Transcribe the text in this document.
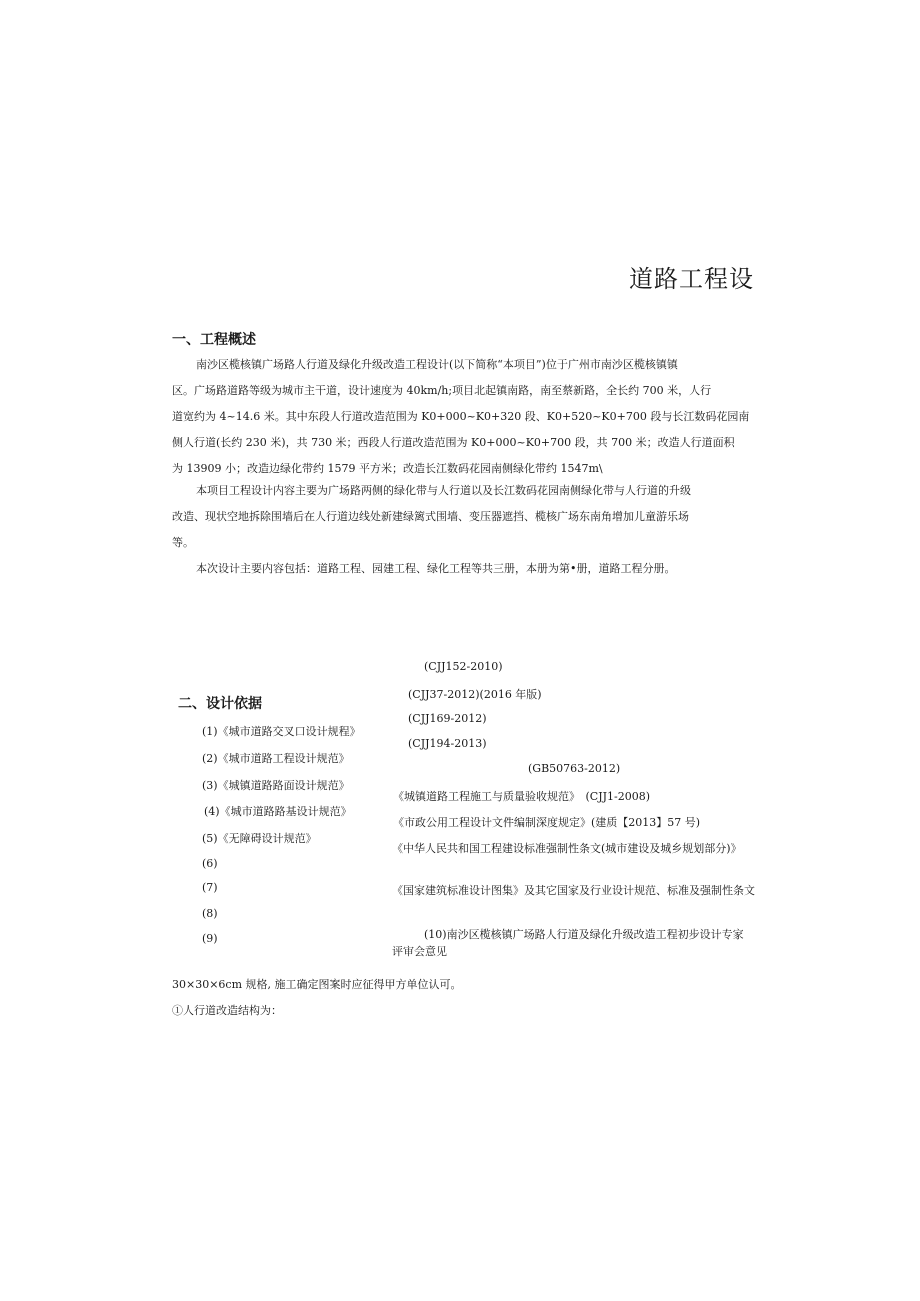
道路工程设
一、工程概述
南沙区榄核镇广场路人行道及绿化升级改造工程设计(以下简称“本项目”)位于广州市南沙区榄核镇镇
区。广场路道路等级为城市主干道，设计速度为 40km/h;项目北起镇南路，南至蔡新路，全长约 700 米，人行
道宽约为 4~14.6 米。其中东段人行道改造范围为 K0+000~K0+320 段、K0+520~K0+700 段与长江数码花园南
侧人行道(长约 230 米)，共 730 米；西段人行道改造范围为 K0+000~K0+700 段，共 700 米；改造人行道面积
为 13909 小；改造边绿化带约 1579 平方米；改造长江数码花园南侧绿化带约 1547m\
本项目工程设计内容主要为广场路两侧的绿化带与人行道以及长江数码花园南侧绿化带与人行道的升级
改造、现状空地拆除围墙后在人行道边线处新建绿篱式围墙、变压器遮挡、榄核广场东南角增加儿童游乐场
等。
本次设计主要内容包括：道路工程、园建工程、绿化工程等共三册，本册为第•册，道路工程分册。
二、设计依据
(1)《城市道路交叉口设计规程》
(2)《城市道路工程设计规范》
(3)《城镇道路路面设计规范》
(4)《城市道路路基设计规范》
(5)《无障碍设计规范》
(6)
(7)
(8)
(9)
(CJJ152-2010)
(CJJ37-2012)(2016 年版)
(CJJ169-2012)
(CJJ194-2013)
(GB50763-2012)
《城镇道路工程施工与质量验收规范》　(CJJ1-2008)
《市政公用工程设计文件编制深度规定》(建质【2013】57 号)
《中华人民共和国工程建设标准强制性条文(城市建设及城乡规划部分)》
《国家建筑标准设计图集》及其它国家及行业设计规范、标准及强制性条文
(10)南沙区榄核镇广场路人行道及绿化升级改造工程初步设计专家评审会意见
30×30×6cm 规格, 施工确定图案时应征得甲方单位认可。
①人行道改造结构为：
